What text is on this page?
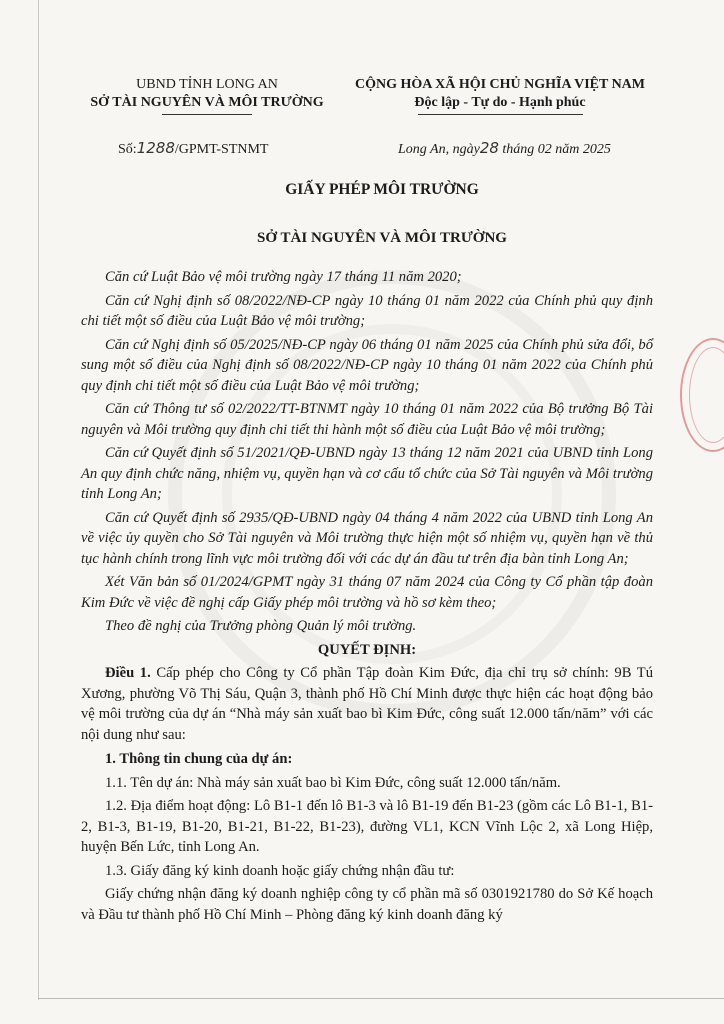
UBND TỈNH LONG AN
SỞ TÀI NGUYÊN VÀ MÔI TRƯỜNG
CỘNG HÒA XÃ HỘI CHỦ NGHĨA VIỆT NAM
Độc lập - Tự do - Hạnh phúc
Số:1288/GPMT-STNMT	Long An, ngày28 tháng 02 năm 2025
GIẤY PHÉP MÔI TRƯỜNG
SỞ TÀI NGUYÊN VÀ MÔI TRƯỜNG

Căn cứ Luật Bảo vệ môi trường ngày 17 tháng 11 năm 2020;

Căn cứ Nghị định số 08/2022/NĐ-CP ngày 10 tháng 01 năm 2022 của Chính phủ quy định chi tiết một số điều của Luật Bảo vệ môi trường;

Căn cứ Nghị định số 05/2025/NĐ-CP ngày 06 tháng 01 năm 2025 của Chính phủ sửa đổi, bổ sung một số điều của Nghị định số 08/2022/NĐ-CP ngày 10 tháng 01 năm 2022 của Chính phủ quy định chi tiết một số điều của Luật Bảo vệ môi trường;

Căn cứ Thông tư số 02/2022/TT-BTNMT ngày 10 tháng 01 năm 2022 của Bộ trưởng Bộ Tài nguyên và Môi trường quy định chi tiết thi hành một số điều của Luật Bảo vệ môi trường;

Căn cứ Quyết định số 51/2021/QĐ-UBND ngày 13 tháng 12 năm 2021 của UBND tỉnh Long An quy định chức năng, nhiệm vụ, quyền hạn và cơ cấu tổ chức của Sở Tài nguyên và Môi trường tỉnh Long An;

Căn cứ Quyết định số 2935/QĐ-UBND ngày 04 tháng 4 năm 2022 của UBND tỉnh Long An về việc ủy quyền cho Sở Tài nguyên và Môi trường thực hiện một số nhiệm vụ, quyền hạn về thủ tục hành chính trong lĩnh vực môi trường đối với các dự án đầu tư trên địa bàn tỉnh Long An;

Xét Văn bản số 01/2024/GPMT ngày 31 tháng 07 năm 2024 của Công ty Cổ phần tập đoàn Kim Đức về việc đề nghị cấp Giấy phép môi trường và hồ sơ kèm theo;

Theo đề nghị của Trưởng phòng Quản lý môi trường.

QUYẾT ĐỊNH:

Điều 1. Cấp phép cho Công ty Cổ phần Tập đoàn Kim Đức, địa chỉ trụ sở chính: 9B Tú Xương, phường Võ Thị Sáu, Quận 3, thành phố Hồ Chí Minh được thực hiện các hoạt động bảo vệ môi trường của dự án “Nhà máy sản xuất bao bì Kim Đức, công suất 12.000 tấn/năm” với các nội dung như sau:

1. Thông tin chung của dự án:

1.1. Tên dự án: Nhà máy sản xuất bao bì Kim Đức, công suất 12.000 tấn/năm.

1.2. Địa điểm hoạt động: Lô B1-1 đến lô B1-3 và lô B1-19 đến B1-23 (gồm các Lô B1-1, B1-2, B1-3, B1-19, B1-20, B1-21, B1-22, B1-23), đường VL1, KCN Vĩnh Lộc 2, xã Long Hiệp, huyện Bến Lức, tỉnh Long An.

1.3. Giấy đăng ký kinh doanh hoặc giấy chứng nhận đầu tư:

Giấy chứng nhận đăng ký doanh nghiệp công ty cổ phần mã số 0301921780 do Sở Kế hoạch và Đầu tư thành phố Hồ Chí Minh – Phòng đăng ký kinh doanh đăng ký
